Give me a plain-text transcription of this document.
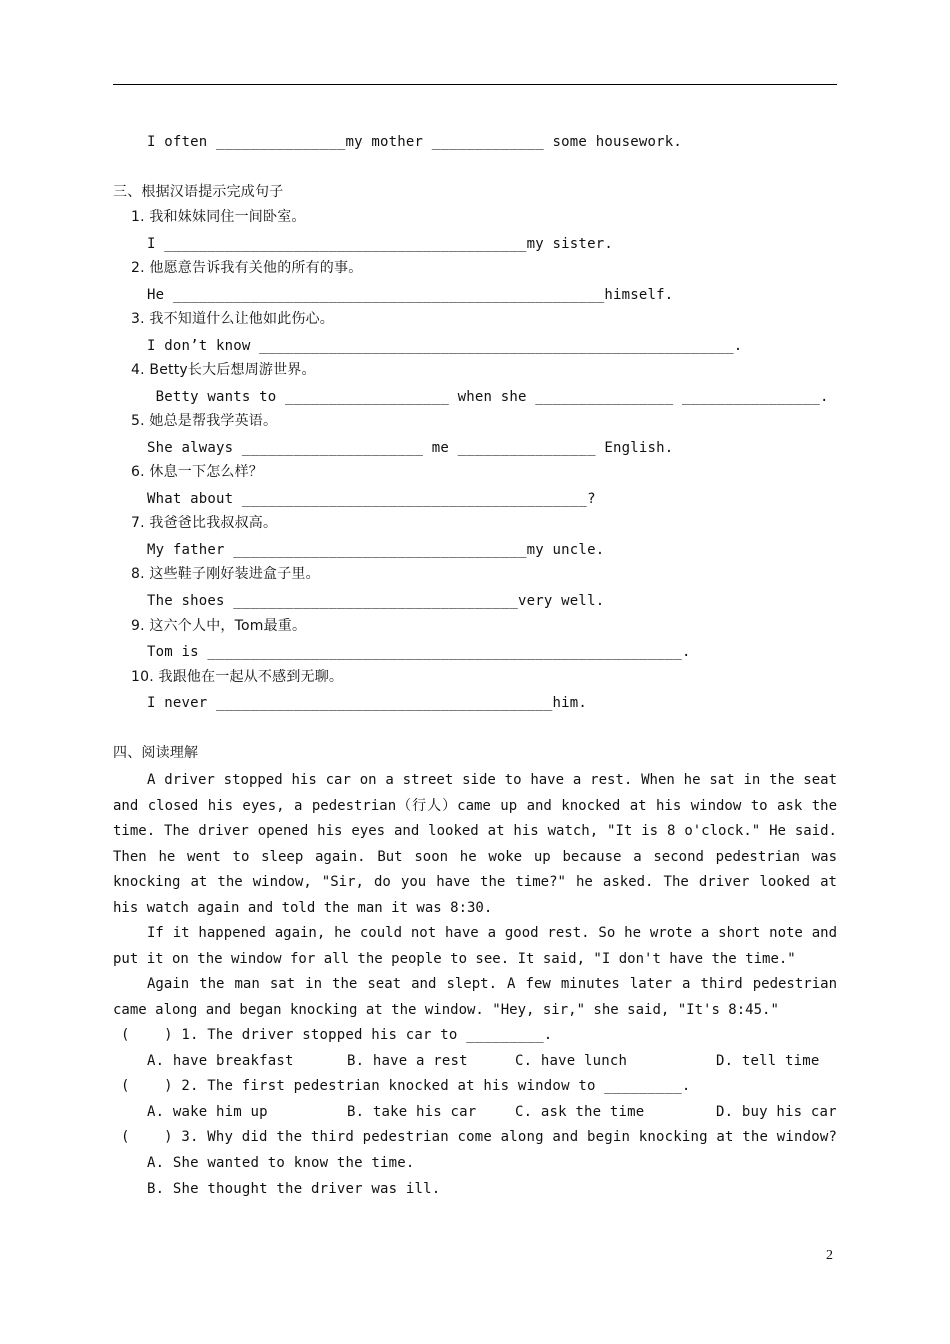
I often _______________my mother _____________ some housework.
三、根据汉语提示完成句子
1. 我和妹妹同住一间卧室。
I __________________________________________my sister.
2. 他愿意告诉我有关他的所有的事。
He __________________________________________________himself.
3. 我不知道什么让他如此伤心。
I don’t know _______________________________________________________.
4. Betty长大后想周游世界。
Betty wants to ___________________ when she ________________ ________________.
5. 她总是帮我学英语。
She always _____________________ me ________________ English.
6. 休息一下怎么样？
What about ________________________________________?
7. 我爸爸比我叔叔高。
My father __________________________________my uncle.
8. 这些鞋子刚好装进盒子里。
The shoes _________________________________very well.
9. 这六个人中，Tom最重。
Tom is _______________________________________________________.
10. 我跟他在一起从不感到无聊。
I never _______________________________________him.
四、阅读理解

A driver stopped his car on a street side to have a rest. When he sat in the seat and closed his eyes, a pedestrian（行人）came up and knocked at his window to ask the time. The driver opened his eyes and looked at his watch, "It is 8 o'clock." He said. Then he went to sleep again. But soon he woke up because a second pedestrian was knocking at the window, "Sir, do you have the time?" he asked. The driver looked at his watch again and told the man it was 8:30.

If it happened again, he could not have a good rest. So he wrote a short note and put it on the window for all the people to see. It said, "I don't have the time."

Again the man sat in the seat and slept. A few minutes later a third pedestrian came along and began knocking at the window. "Hey, sir," she said, "It's 8:45."

(    ) 1. The driver stopped his car to _________.
A. have breakfast	B. have a rest	C. have lunch	D. tell time
(    ) 2. The first pedestrian knocked at his window to _________.
A. wake him up	B. take his car	C. ask the time	D. buy his car
(    ) 3. Why did the third pedestrian come along and begin knocking at the window?
A. She wanted to know the time.
B. She thought the driver was ill.
2
